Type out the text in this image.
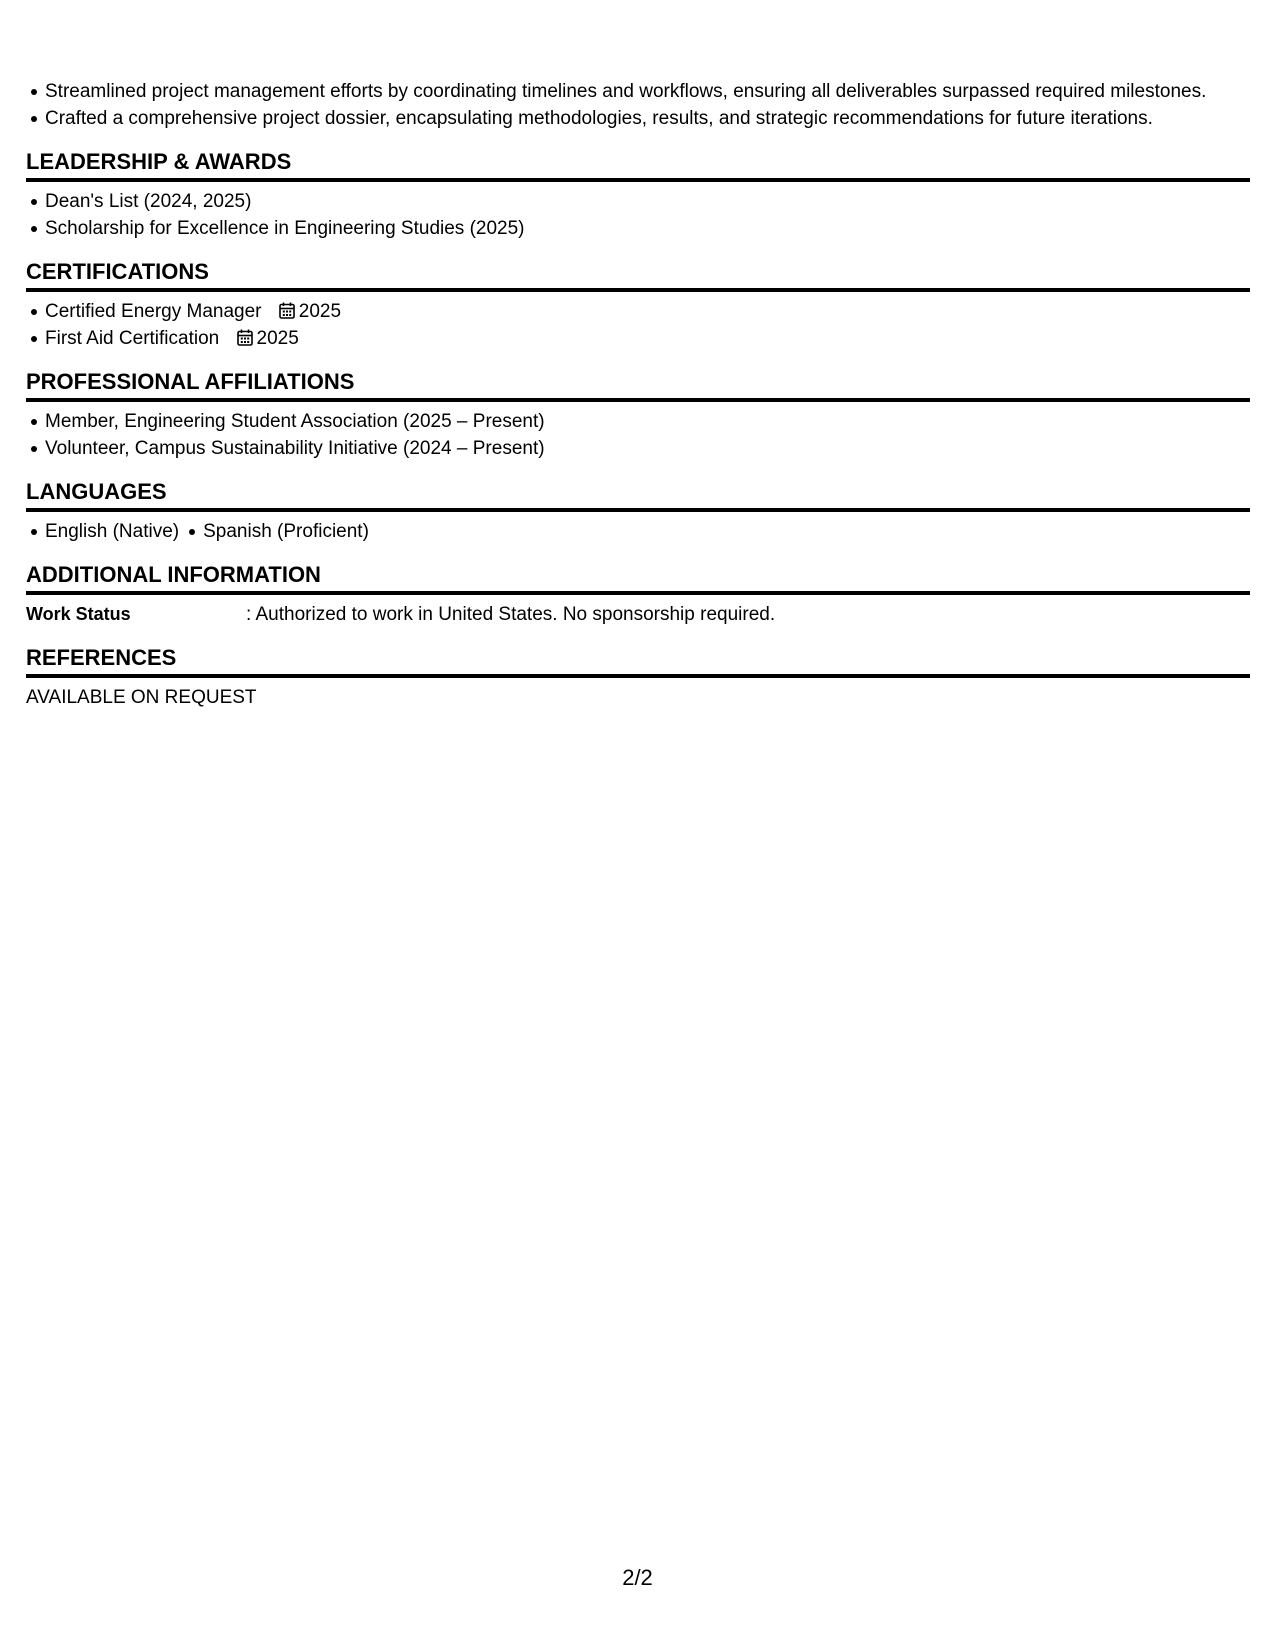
Streamlined project management efforts by coordinating timelines and workflows, ensuring all deliverables surpassed required milestones.
Crafted a comprehensive project dossier, encapsulating methodologies, results, and strategic recommendations for future iterations.
LEADERSHIP & AWARDS
Dean's List (2024, 2025)
Scholarship for Excellence in Engineering Studies (2025)
CERTIFICATIONS
Certified Energy Manager 2025
First Aid Certification 2025
PROFESSIONAL AFFILIATIONS
Member, Engineering Student Association (2025 – Present)
Volunteer, Campus Sustainability Initiative (2024 – Present)
LANGUAGES
English (Native) Spanish (Proficient)
ADDITIONAL INFORMATION
Work Status	: Authorized to work in United States. No sponsorship required.
REFERENCES
AVAILABLE ON REQUEST
2/2
